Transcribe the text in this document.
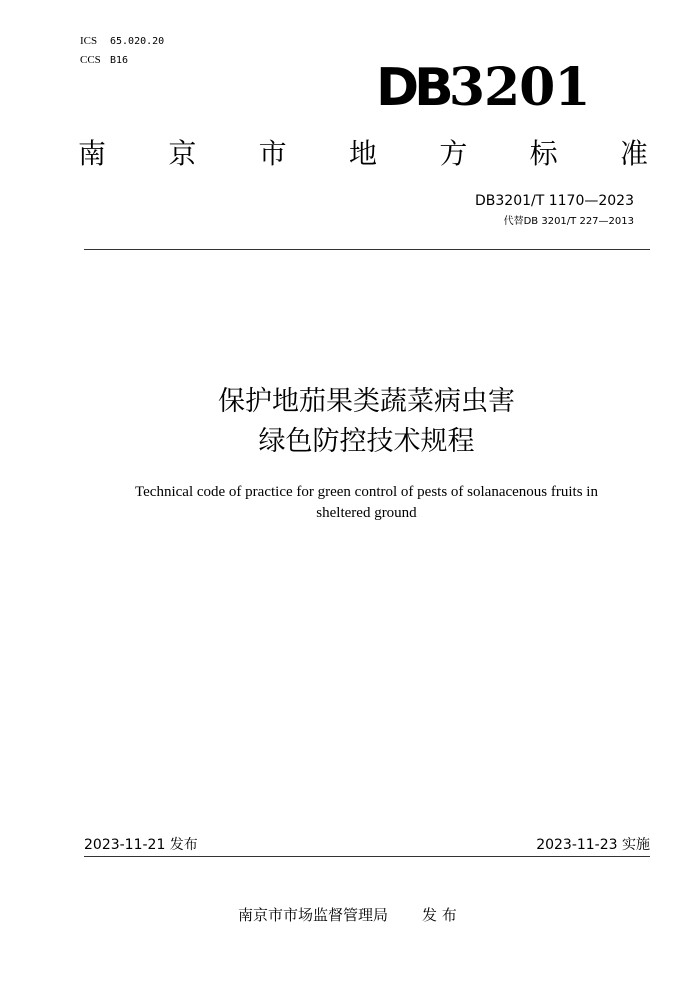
ICS 65.020.20
CCS B16	DB3201
南 京 市 地 方 标 准
DB3201/T 1170—2023
代替DB 3201/T 227—2013
保护地茄果类蔬菜病虫害
绿色防控技术规程
Technical code of practice for green control of pests of solanacenous fruits in
sheltered ground
2023-11-21 发布	2023-11-23 实施
南京市市场监督管理局 发 布
